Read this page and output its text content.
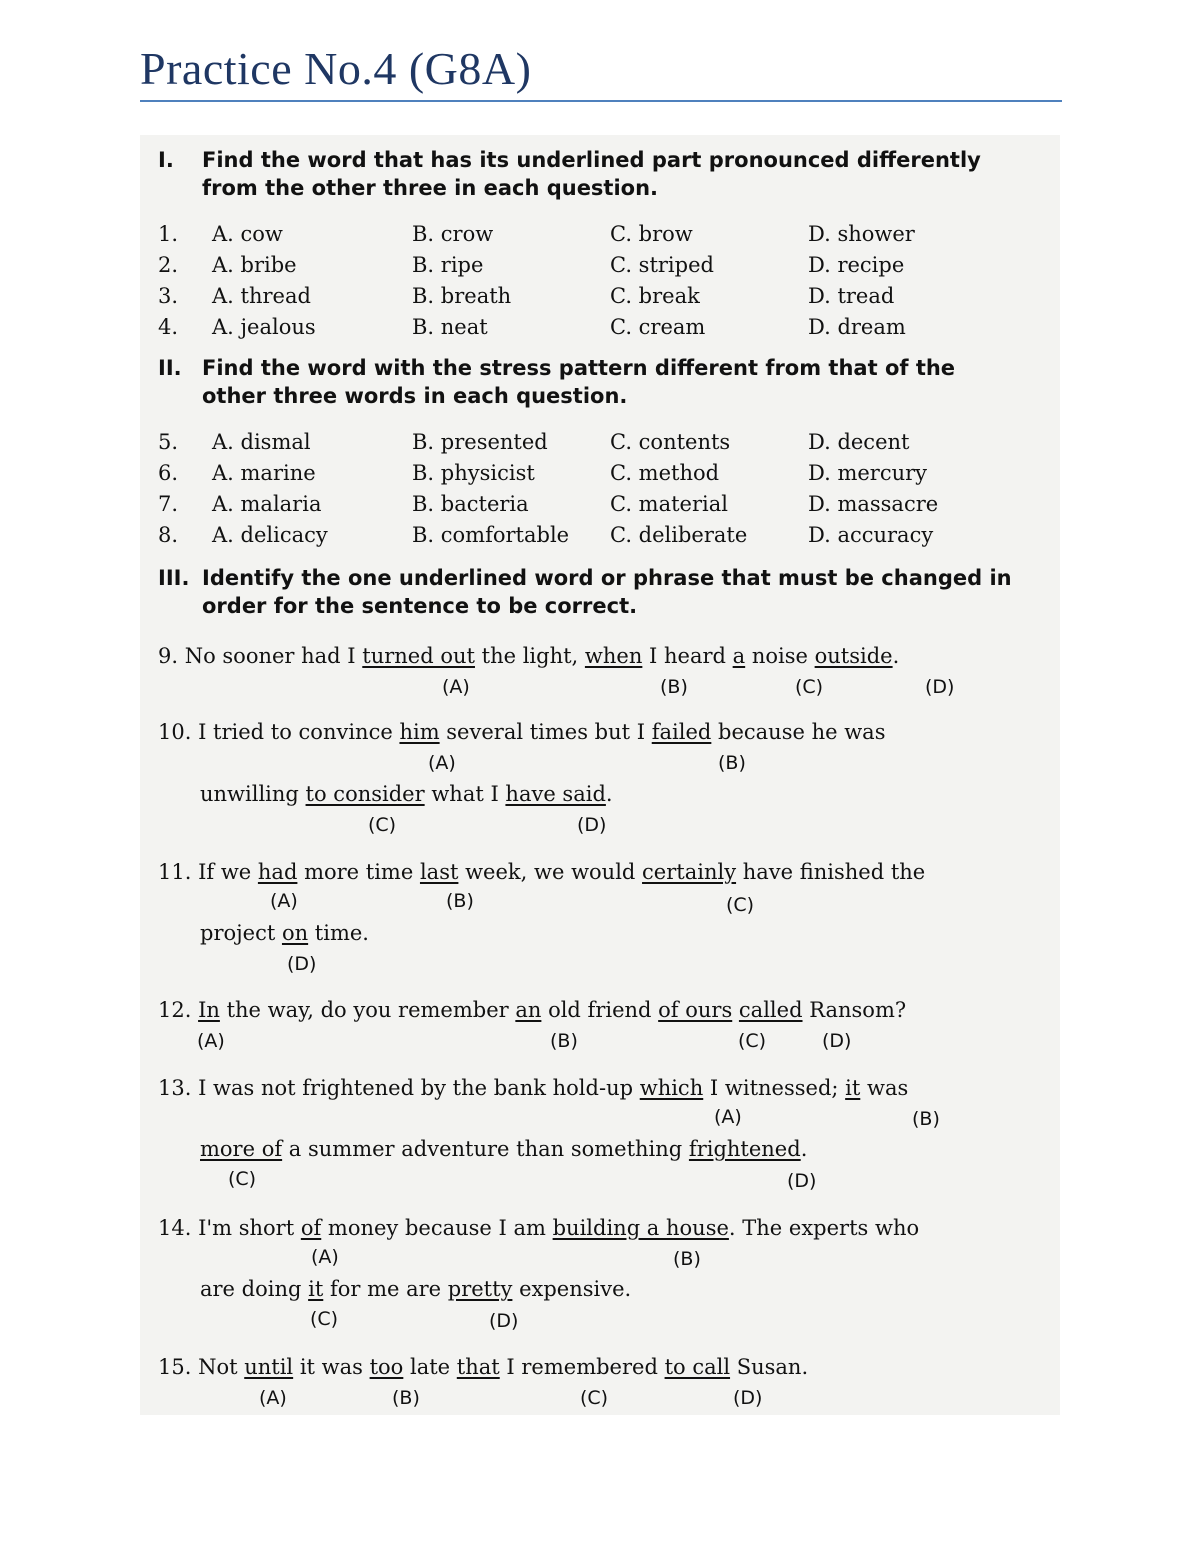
Practice No.4 (G8A)
I. Find the word that has its underlined part pronounced differently from the other three in each question.
1. A. cow	B. crow	C. brow	D. shower
2. A. bribe	B. ripe	C. striped	D. recipe
3. A. thread	B. breath	C. break	D. tread
4. A. jealous	B. neat	C. cream	D. dream
II. Find the word with the stress pattern different from that of the other three words in each question.
5. A. dismal	B. presented	C. contents	D. decent
6. A. marine	B. physicist	C. method	D. mercury
7. A. malaria	B. bacteria	C. material	D. massacre
8. A. delicacy	B. comfortable C. deliberate	D. accuracy
III. Identify the one underlined word or phrase that must be changed in order for the sentence to be correct.
9. No sooner had I turned out the light, when I heard a noise outside.
(A)	(B)	(C)	(D)
10. I tried to convince him several times but I failed because he was
(A)	(B)
unwilling to consider what I have said.
(C)	(D)
11. If we had more time last week, we would certainly have finished the
(A)	(B)	(C)
project on time.
(D)
12. In the way, do you remember an old friend of ours called Ransom?
(A)	(B)	(C)	(D)
13. I was not frightened by the bank hold-up which I witnessed; it was
(A)	(B)
more of a summer adventure than something frightened.
(C)	(D)
14. I'm short of money because I am building a house. The experts who
(A)	(B)
are doing it for me are pretty expensive.
(C)	(D)
15. Not until it was too late that I remembered to call Susan.
(A)	(B)	(C)	(D)
